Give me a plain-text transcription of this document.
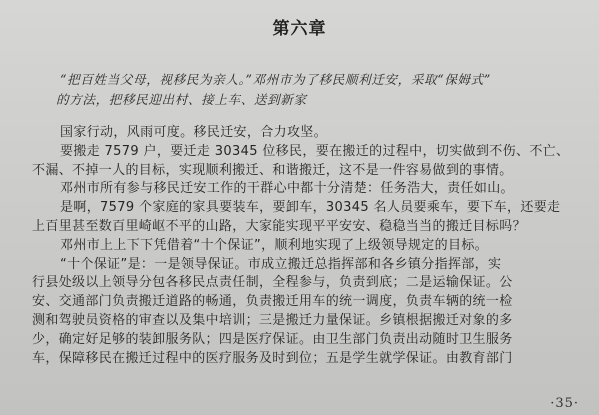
第六章
“把百姓当父母，视移民为亲人。”邓州市为了移民顺利迁安，采取“保姆式”
的方法，把移民迎出村、接上车、送到新家
国家行动，风雨可度。移民迁安，合力攻坚。
要搬走 7579 户，要迁走 30345 位移民，要在搬迁的过程中，切实做到不伤、不亡、
不漏、不掉一人的目标，实现顺利搬迁、和谐搬迁，这不是一件容易做到的事情。
邓州市所有参与移民迁安工作的干群心中都十分清楚：任务浩大，责任如山。
是啊，7579 个家庭的家具要装车，要卸车，30345 名人员要乘车，要下车，还要走
上百里甚至数百里崎岖不平的山路，大家能实现平平安安、稳稳当当的搬迁目标吗？
邓州市上上下下凭借着“十个保证”，顺利地实现了上级领导规定的目标。
“十个保证”是：一是领导保证。市成立搬迁总指挥部和各乡镇分指挥部，实
行县处级以上领导分包各移民点责任制，全程参与，负责到底；二是运输保证。公
安、交通部门负责搬迁道路的畅通，负责搬迁用车的统一调度，负责车辆的统一检
测和驾驶员资格的审查以及集中培训；三是搬迁力量保证。乡镇根据搬迁对象的多
少，确定好足够的装卸服务队；四是医疗保证。由卫生部门负责出动随时卫生服务
车，保障移民在搬迁过程中的医疗服务及时到位；五是学生就学保证。由教育部门
·35·
